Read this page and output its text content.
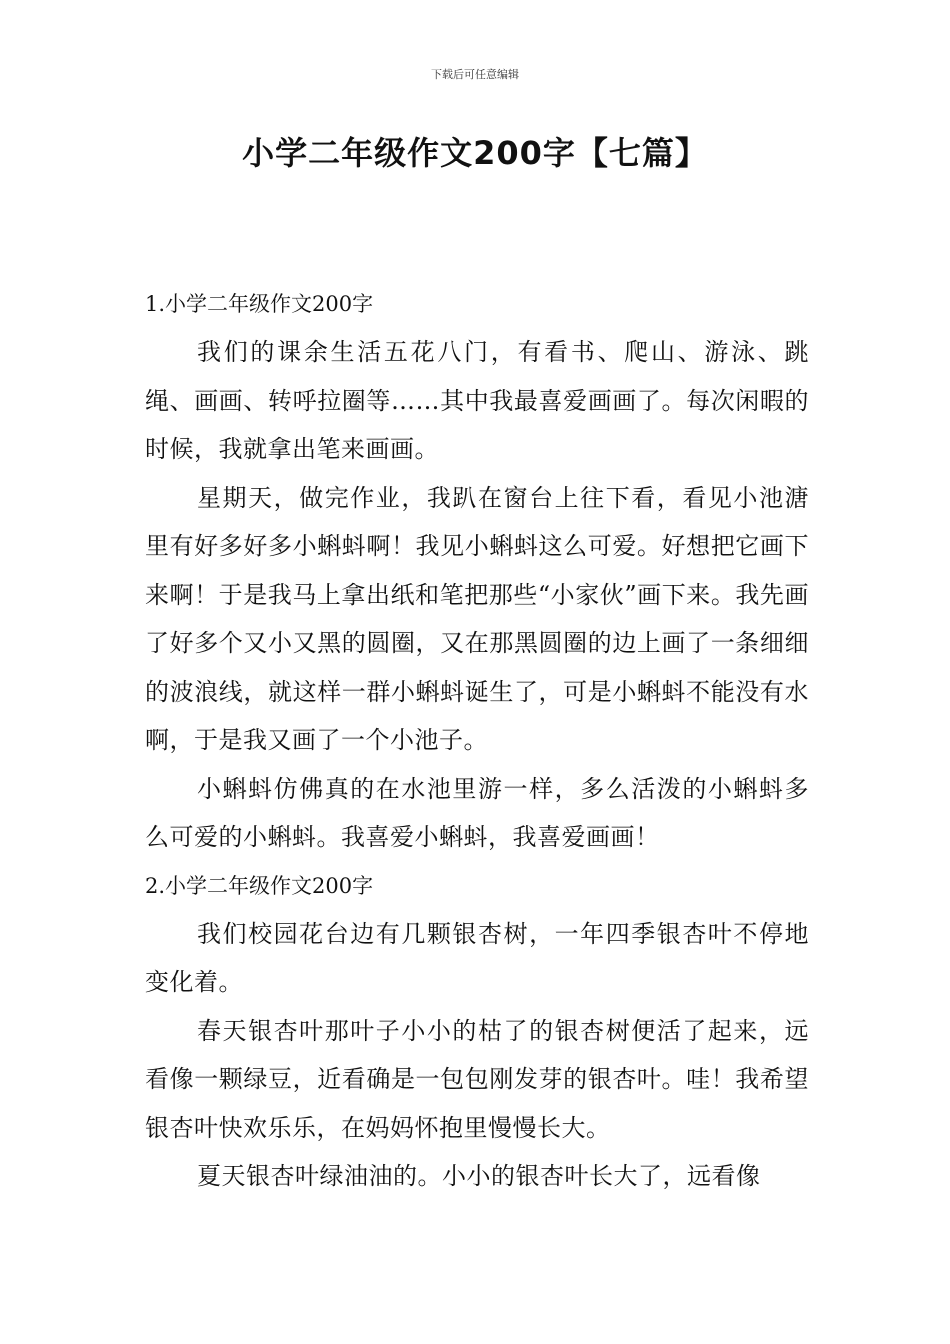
下载后可任意编辑
小学二年级作文200字【七篇】
1.小学二年级作文200字

我们的课余生活五花八门，有看书、爬山、游泳、跳绳、画画、转呼拉圈等……其中我最喜爱画画了。每次闲暇的时候，我就拿出笔来画画。

星期天，做完作业，我趴在窗台上往下看，看见小池溏里有好多好多小蝌蚪啊！我见小蝌蚪这么可爱。好想把它画下来啊！于是我马上拿出纸和笔把那些“小家伙”画下来。我先画了好多个又小又黑的圆圈，又在那黑圆圈的边上画了一条细细的波浪线，就这样一群小蝌蚪诞生了，可是小蝌蚪不能没有水啊，于是我又画了一个小池子。

小蝌蚪仿佛真的在水池里游一样，多么活泼的小蝌蚪多么可爱的小蝌蚪。我喜爱小蝌蚪，我喜爱画画！

2.小学二年级作文200字

我们校园花台边有几颗银杏树，一年四季银杏叶不停地变化着。

春天银杏叶那叶子小小的枯了的银杏树便活了起来，远看像一颗绿豆，近看确是一包包刚发芽的银杏叶。哇！我希望银杏叶快欢乐乐，在妈妈怀抱里慢慢长大。

夏天银杏叶绿油油的。小小的银杏叶长大了，远看像
